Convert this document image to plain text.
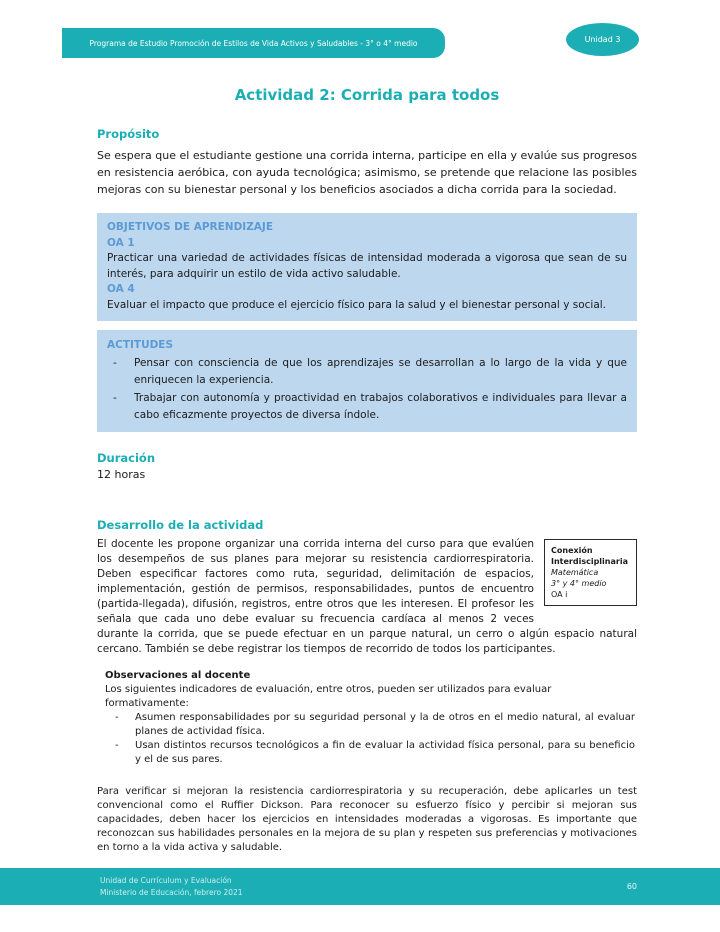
Programa de Estudio Promoción de Estilos de Vida Activos y Saludables - 3° o 4° medio	Unidad 3
Actividad 2: Corrida para todos
Propósito
Se espera que el estudiante gestione una corrida interna, participe en ella y evalúe sus progresos en resistencia aeróbica, con ayuda tecnológica; asimismo, se pretende que relacione las posibles mejoras con su bienestar personal y los beneficios asociados a dicha corrida para la sociedad.
OBJETIVOS DE APRENDIZAJE
OA 1
Practicar una variedad de actividades físicas de intensidad moderada a vigorosa que sean de su interés, para adquirir un estilo de vida activo saludable.
OA 4
Evaluar el impacto que produce el ejercicio físico para la salud y el bienestar personal y social.
ACTITUDES
-
Pensar con consciencia de que los aprendizajes se desarrollan a lo largo de la vida y que enriquecen la experiencia.
-
Trabajar con autonomía y proactividad en trabajos colaborativos e individuales para llevar a cabo eficazmente proyectos de diversa índole.
Duración
12 horas
Desarrollo de la actividad
Conexión Interdisciplinaria
Matemática
3° y 4° medio
OA i
El docente les propone organizar una corrida interna del curso para que evalúen los desempeños de sus planes para mejorar su resistencia cardiorrespiratoria. Deben especificar factores como ruta, seguridad, delimitación de espacios, implementación, gestión de permisos, responsabilidades, puntos de encuentro (partida-llegada), difusión, registros, entre otros que les interesen. El profesor les señala que cada uno debe evaluar su frecuencia cardíaca al menos 2 veces durante la corrida, que se puede efectuar en un parque natural, un cerro o algún espacio natural cercano. También se debe registrar los tiempos de recorrido de todos los participantes.
Observaciones al docente
Los siguientes indicadores de evaluación, entre otros, pueden ser utilizados para evaluar formativamente:
-
Asumen responsabilidades por su seguridad personal y la de otros en el medio natural, al evaluar planes de actividad física.
-
Usan distintos recursos tecnológicos a fin de evaluar la actividad física personal, para su beneficio y el de sus pares.
Para verificar si mejoran la resistencia cardiorrespiratoria y su recuperación, debe aplicarles un test convencional como el Ruffier Dickson. Para reconocer su esfuerzo físico y percibir si mejoran sus capacidades, deben hacer los ejercicios en intensidades moderadas a vigorosas. Es importante que reconozcan sus habilidades personales en la mejora de su plan y respeten sus preferencias y motivaciones en torno a la vida activa y saludable.
Unidad de Currículum y Evaluación
Ministerio de Educación, febrero 2021
60
